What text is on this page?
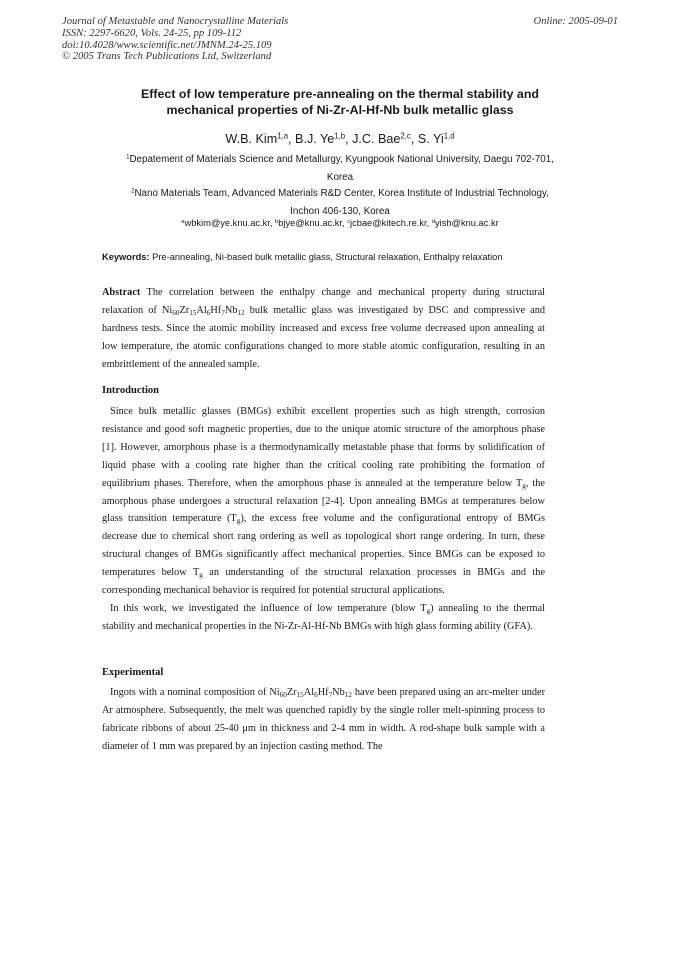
Journal of Metastable and Nanocrystalline Materials
ISSN: 2297-6620, Vols. 24-25, pp 109-112
doi:10.4028/www.scientific.net/JMNM.24-25.109
© 2005 Trans Tech Publications Ltd, Switzerland
Online: 2005-09-01
Effect of low temperature pre-annealing on the thermal stability and
mechanical properties of Ni-Zr-Al-Hf-Nb bulk metallic glass
W.B. Kim$^{1,a}$, B.J. Ye$^{1,b}$, J.C. Bae$^{2,c}$, S. Yi$^{1,d}$
$^1$Depatement of Materials Science and Metallurgy, Kyungpook National University, Daegu 702-701,
Korea
$^2$Nano Materials Team, Advanced Materials R&D Center, Korea Institute of Industrial Technology,
Inchon 406-130, Korea
$^a$wbkim@ye.knu.ac.kr, $^b$bjye@knu.ac.kr, $^c$jcbae@kitech.re.kr, $^d$yish@knu.ac.kr
Keywords: Pre-annealing, Ni-based bulk metallic glass, Structural relaxation, Enthalpy relaxation
Abstract The correlation between the enthalpy change and mechanical property during structural relaxation of $Ni_{60}Zr_{15}Al_6Hf_7Nb_{12}$ bulk metallic glass was investigated by DSC and compressive and hardness tests. Since the atomic mobility increased and excess free volume decreased upon annealing at low temperature, the atomic configurations changed to more stable atomic configuration, resulting in an embrittlement of the annealed sample.
Introduction
Since bulk metallic glasses (BMGs) exhibit excellent properties such as high strength, corrosion resistance and good soft magnetic properties, due to the unique atomic structure of the amorphous phase [1]. However, amorphous phase is a thermodynamically metastable phase that forms by solidification of liquid phase with a cooling rate higher than the critical cooling rate prohibiting the formation of equilibrium phases. Therefore, when the amorphous phase is annealed at the temperature below $T_g$, the amorphous phase undergoes a structural relaxation [2-4]. Upon annealing BMGs at temperatures below glass transition temperature $(T_g)$, the excess free volume and the configurational entropy of BMGs decrease due to chemical short rang ordering as well as topological short range ordering. In turn, these structural changes of BMGs significantly affect mechanical properties. Since BMGs can be exposed to temperatures below $T_g$ an understanding of the structural relaxation processes in BMGs and the corresponding mechanical behavior is required for potential structural applications.
In this work, we investigated the influence of low temperature (blow $T_g$) annealing to the thermal stability and mechanical properties in the Ni-Zr-Al-Hf-Nb BMGs with high glass forming ability (GFA).
Experimental
Ingots with a nominal composition of $Ni_{60}Zr_{15}Al_6Hf_7Nb_{12}$ have been prepared using an arc-melter under Ar atmosphere. Subsequently, the melt was quenched rapidly by the single roller melt-spinning process to fabricate ribbons of about 25-40 μm in thickness and 2-4 mm in width. A rod-shape bulk sample with a diameter of 1 mm was prepared by an injection casting method. The
